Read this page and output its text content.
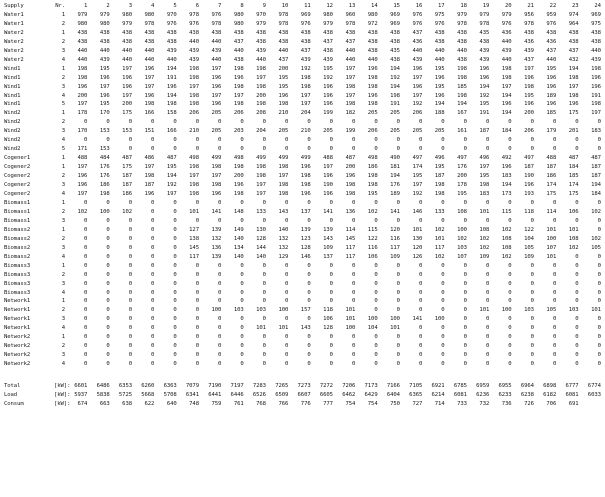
Supply	Nr.	1	2	3	4	5	6	7	8	9	10	11	12	13	14	15	16	17	18	19	20	21	22	23	24
Water1	1	979	979	980	980	970	978	976	980	970	978	969	980	960	980	969	976	975	979	979	979	956	959	974	969
Water1	2	980	980	979	978	976	976	978	980	979	978	976	979	978	972	969	976	976	978	978	976	978	976	964	975
Water2	1	438	438	438	438	438	438	438	438	438	438	438	438	438	438	438	437	438	438	435	436	438	438	438	438
Water2	2	438	438	438	438	438	440	440	437	438	438	438	437	437	438	438	436	438	438	438	440	436	436	438	438
Water2	3	440	440	440	440	439	439	439	440	439	440	437	438	440	438	435	440	440	440	439	439	439	437	437	440
Water2	4	440	439	440	440	440	439	440	438	440	437	439	439	440	440	438	439	440	438	439	440	437	440	432	439
Wind1	1	198	195	197	196	194	198	197	198	198	200	192	195	197	196	194	196	195	198	196	198	197	195	194	198
Wind1	2	198	196	196	197	191	198	196	196	197	195	198	192	197	198	192	197	196	198	196	198	196	196	198	196
Wind1	3	196	197	196	197	196	197	196	198	198	195	198	196	198	198	194	196	195	185	194	197	198	196	197	196
Wind1	4	200	196	197	196	194	198	197	197	200	196	197	196	197	196	198	197	196	198	192	194	195	189	198	191
Wind1	5	197	195	200	198	198	198	196	198	198	198	197	196	198	198	191	192	194	194	195	196	196	196	196	198
Wind2	1	178	170	175	166	158	206	205	206	208	210	204	199	182	205	205	206	188	167	191	194	200	185	175	197
Wind2	2	0	0	0	0	0	0	0	0	0	0	0	0	0	0	0	0	0	0	0	0	0	0	0	0
Wind2	3	170	153	153	151	166	210	205	203	204	205	210	205	199	206	205	205	205	161	187	184	206	179	201	183
Wind2	4	0	0	0	0	0	0	0	0	0	0	0	0	0	0	0	0	0	0	0	0	0	0	0	0
Wind2	5	171	153	0	0	0	0	0	0	0	0	0	0	0	0	0	0	0	0	0	0	0	0	0	0
Cogener1	1	488	484	487	486	487	498	499	498	499	499	499	488	487	498	490	497	496	497	496	492	497	488	487	487
Cogener2	1	197	176	175	197	195	198	198	198	198	198	196	197	200	186	181	174	195	176	197	196	187	187	184	187
Cogener2	2	196	176	187	198	194	197	197	200	198	197	198	196	196	198	194	195	187	200	195	183	190	186	185	187
Cogener2	3	196	186	187	187	192	198	198	196	197	198	198	190	198	198	176	197	198	178	198	194	196	174	174	194
Cogener2	4	197	198	186	196	197	198	196	198	197	198	196	196	198	195	189	192	198	195	183	173	193	175	175	184
Biomass1	1	0	0	0	0	0	0	0	0	0	0	0	0	0	0	0	0	0	0	0	0	0	0	0	0
Biomass1	2	102	100	102	0	0	101	141	148	133	143	137	141	136	102	141	146	133	108	101	115	118	114	106	102
Biomass1	3	0	0	0	0	0	0	0	0	0	0	0	0	0	0	0	0	0	0	0	0	0	0	0	0
Biomass2	1	0	0	0	0	0	127	139	149	130	140	139	139	114	115	120	101	102	100	108	102	122	101	101	0
Biomass2	2	0	0	0	0	0	138	132	140	128	132	123	143	145	122	116	130	101	102	102	108	104	100	108	102
Biomass2	3	0	0	0	0	0	145	136	134	144	132	128	109	117	116	117	120	117	103	102	108	105	107	102	105
Biomass2	4	0	0	0	0	0	117	139	140	140	129	146	137	117	106	109	126	102	107	109	102	109	101	0	0
Biomass3	1	0	0	0	0	0	0	0	0	0	0	0	0	0	0	0	0	0	0	0	0	0	0	0	0
Biomass3	2	0	0	0	0	0	0	0	0	0	0	0	0	0	0	0	0	0	0	0	0	0	0	0	0
Biomass3	3	0	0	0	0	0	0	0	0	0	0	0	0	0	0	0	0	0	0	0	0	0	0	0	0
Biomass3	4	0	0	0	0	0	0	0	0	0	0	0	0	0	0	0	0	0	0	0	0	0	0	0	0
Network1	1	0	0	0	0	0	0	0	0	0	0	0	0	0	0	0	0	0	0	0	0	0	0	0	0
Network1	2	0	0	0	0	0	0	100	103	103	100	157	118	101	0	0	0	0	0	101	100	103	105	103	101
Network1	3	0	0	0	0	0	0	0	0	0	0	0	106	101	100	100	141	100	0	0	0	0	0	0	0
Network1	4	0	0	0	0	0	0	0	0	101	101	143	128	100	104	101	0	0	0	0	0	0	0	0	0
Network2	1	0	0	0	0	0	0	0	0	0	0	0	0	0	0	0	0	0	0	0	0	0	0	0	0
Network2	2	0	0	0	0	0	0	0	0	0	0	0	0	0	0	0	0	0	0	0	0	0	0	0	0
Network2	3	0	0	0	0	0	0	0	0	0	0	0	0	0	0	0	0	0	0	0	0	0	0	0	0
Network2	4	0	0	0	0	0	0	0	0	0	0	0	0	0	0	0	0	0	0	0	0	0	0	0	0

Total	[kW]:	6601	6486	6353	6260	6363	7079	7190	7197	7283	7265	7273	7272	7206	7173	7166	7105	6921	6785	6959	6955	6964	6898	6777	6774
Load	[kW]:	5937	5838	5725	5668	5708	6341	6441	6446	6526	6509	6607	6605	6462	6429	6404	6365	6214	6081	6236	6233	6238	6182	6081	6033
Consum	[kW]:	674	663	638	622	640	748	759	761	768	766	776	777	754	754	750	727	714	733	732	736	726	706	691	
